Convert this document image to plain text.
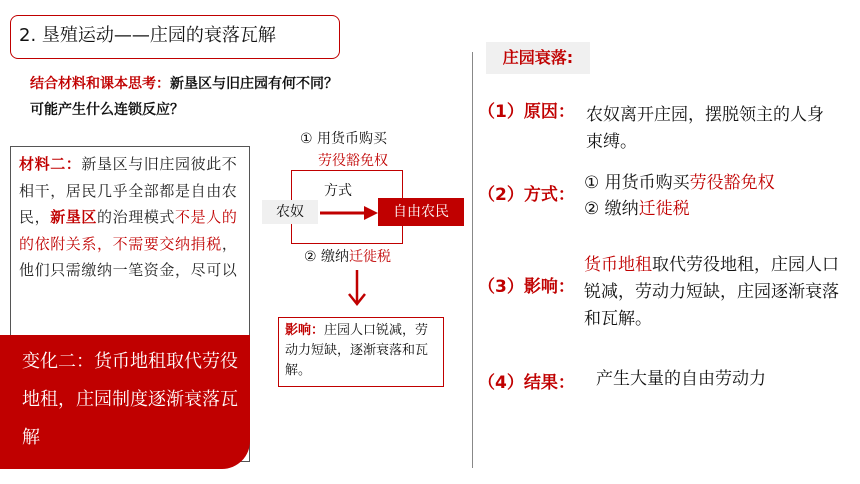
2. 垦殖运动——庄园的衰落瓦解
结合材料和课本思考：新垦区与旧庄园有何不同？
可能产生什么连锁反应？
材料二：新垦区与旧庄园彼此不相干，居民几乎全部都是自由农民，新垦区的治理模式不是人的的依附关系，不需要交纳捐税，他们只需缴纳一笔资金，尽可以
变化二：货币地租取代劳役地租，庄园制度逐渐衰落瓦解
① 用货币购买
劳役豁免权
农奴
方式
自由农民
② 缴纳迁徙税
影响：庄园人口锐减，劳动力短缺，逐渐衰落和瓦解。
庄园衰落:
（1）原因： 农奴离开庄园，摆脱领主的人身束缚。
（2）方式：
① 用货币购买劳役豁免权
② 缴纳迁徙税
（3）影响：
货币地租取代劳役地租，庄园人口锐减，劳动力短缺，庄园逐渐衰落和瓦解。
（4）结果： 产生大量的自由劳动力
